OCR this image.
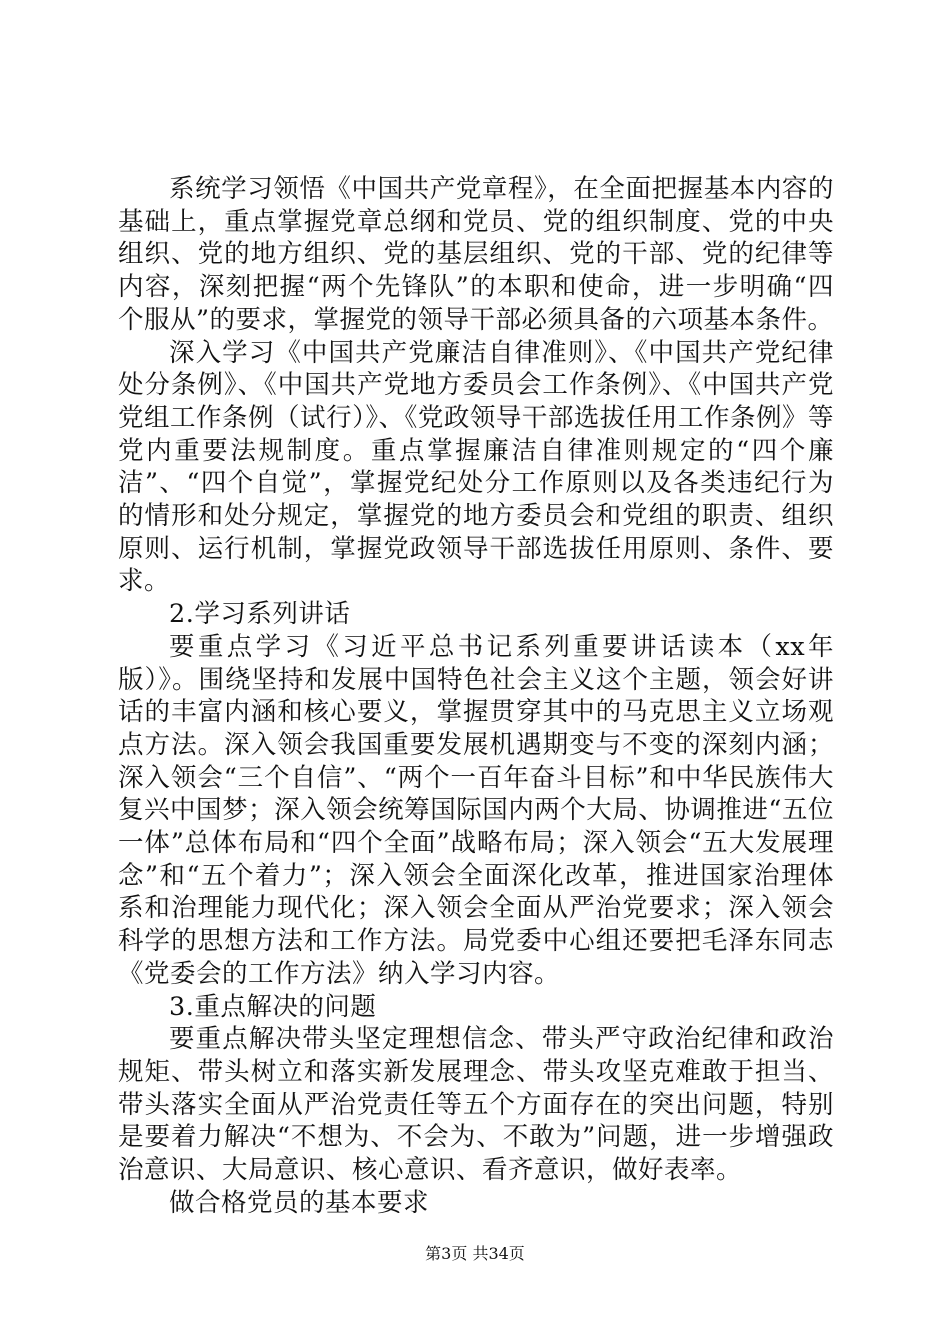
系统学习领悟《中国共产党章程》，在全面把握基本内容的基础上，重点掌握党章总纲和党员、党的组织制度、党的中央组织、党的地方组织、党的基层组织、党的干部、党的纪律等内容，深刻把握“两个先锋队”的本职和使命，进一步明确“四个服从”的要求，掌握党的领导干部必须具备的六项基本条件。

深入学习《中国共产党廉洁自律准则》、《中国共产党纪律处分条例》、《中国共产党地方委员会工作条例》、《中国共产党党组工作条例（试行）》、《党政领导干部选拔任用工作条例》等党内重要法规制度。重点掌握廉洁自律准则规定的“四个廉洁”、“四个自觉”，掌握党纪处分工作原则以及各类违纪行为的情形和处分规定，掌握党的地方委员会和党组的职责、组织原则、运行机制，掌握党政领导干部选拔任用原则、条件、要求。

2.学习系列讲话

要重点学习《习近平总书记系列重要讲话读本（xx年版）》。围绕坚持和发展中国特色社会主义这个主题，领会好讲话的丰富内涵和核心要义，掌握贯穿其中的马克思主义立场观点方法。深入领会我国重要发展机遇期变与不变的深刻内涵；深入领会“三个自信”、“两个一百年奋斗目标”和中华民族伟大复兴中国梦；深入领会统筹国际国内两个大局、协调推进“五位一体”总体布局和“四个全面”战略布局；深入领会“五大发展理念”和“五个着力”；深入领会全面深化改革，推进国家治理体系和治理能力现代化；深入领会全面从严治党要求；深入领会科学的思想方法和工作方法。局党委中心组还要把毛泽东同志《党委会的工作方法》纳入学习内容。

3.重点解决的问题

要重点解决带头坚定理想信念、带头严守政治纪律和政治规矩、带头树立和落实新发展理念、带头攻坚克难敢于担当、带头落实全面从严治党责任等五个方面存在的突出问题，特别是要着力解决“不想为、不会为、不敢为”问题，进一步增强政治意识、大局意识、核心意识、看齐意识，做好表率。

做合格党员的基本要求

第3页 共34页
